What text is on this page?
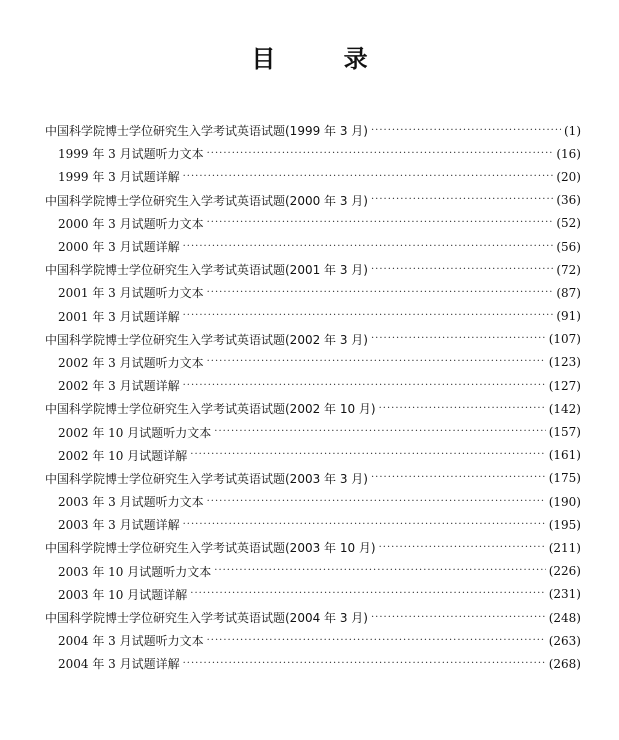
目 录
中国科学院博士学位研究生入学考试英语试题(1999 年 3 月) ·····	(1)
1999 年 3 月试题听力文本 ·····	(16)
1999 年 3 月试题详解 ·····	(20)
中国科学院博士学位研究生入学考试英语试题(2000 年 3 月) ·····	(36)
2000 年 3 月试题听力文本 ·····	(52)
2000 年 3 月试题详解 ·····	(56)
中国科学院博士学位研究生入学考试英语试题(2001 年 3 月) ·····	(72)
2001 年 3 月试题听力文本 ·····	(87)
2001 年 3 月试题详解 ·····	(91)
中国科学院博士学位研究生入学考试英语试题(2002 年 3 月) ·····	(107)
2002 年 3 月试题听力文本 ·····	(123)
2002 年 3 月试题详解 ·····	(127)
中国科学院博士学位研究生入学考试英语试题(2002 年 10 月) ·····	(142)
2002 年 10 月试题听力文本 ·····	(157)
2002 年 10 月试题详解 ·····	(161)
中国科学院博士学位研究生入学考试英语试题(2003 年 3 月) ·····	(175)
2003 年 3 月试题听力文本 ·····	(190)
2003 年 3 月试题详解 ·····	(195)
中国科学院博士学位研究生入学考试英语试题(2003 年 10 月) ·····	(211)
2003 年 10 月试题听力文本 ·····	(226)
2003 年 10 月试题详解 ·····	(231)
中国科学院博士学位研究生入学考试英语试题(2004 年 3 月) ·····	(248)
2004 年 3 月试题听力文本 ·····	(263)
2004 年 3 月试题详解 ·····	(268)
